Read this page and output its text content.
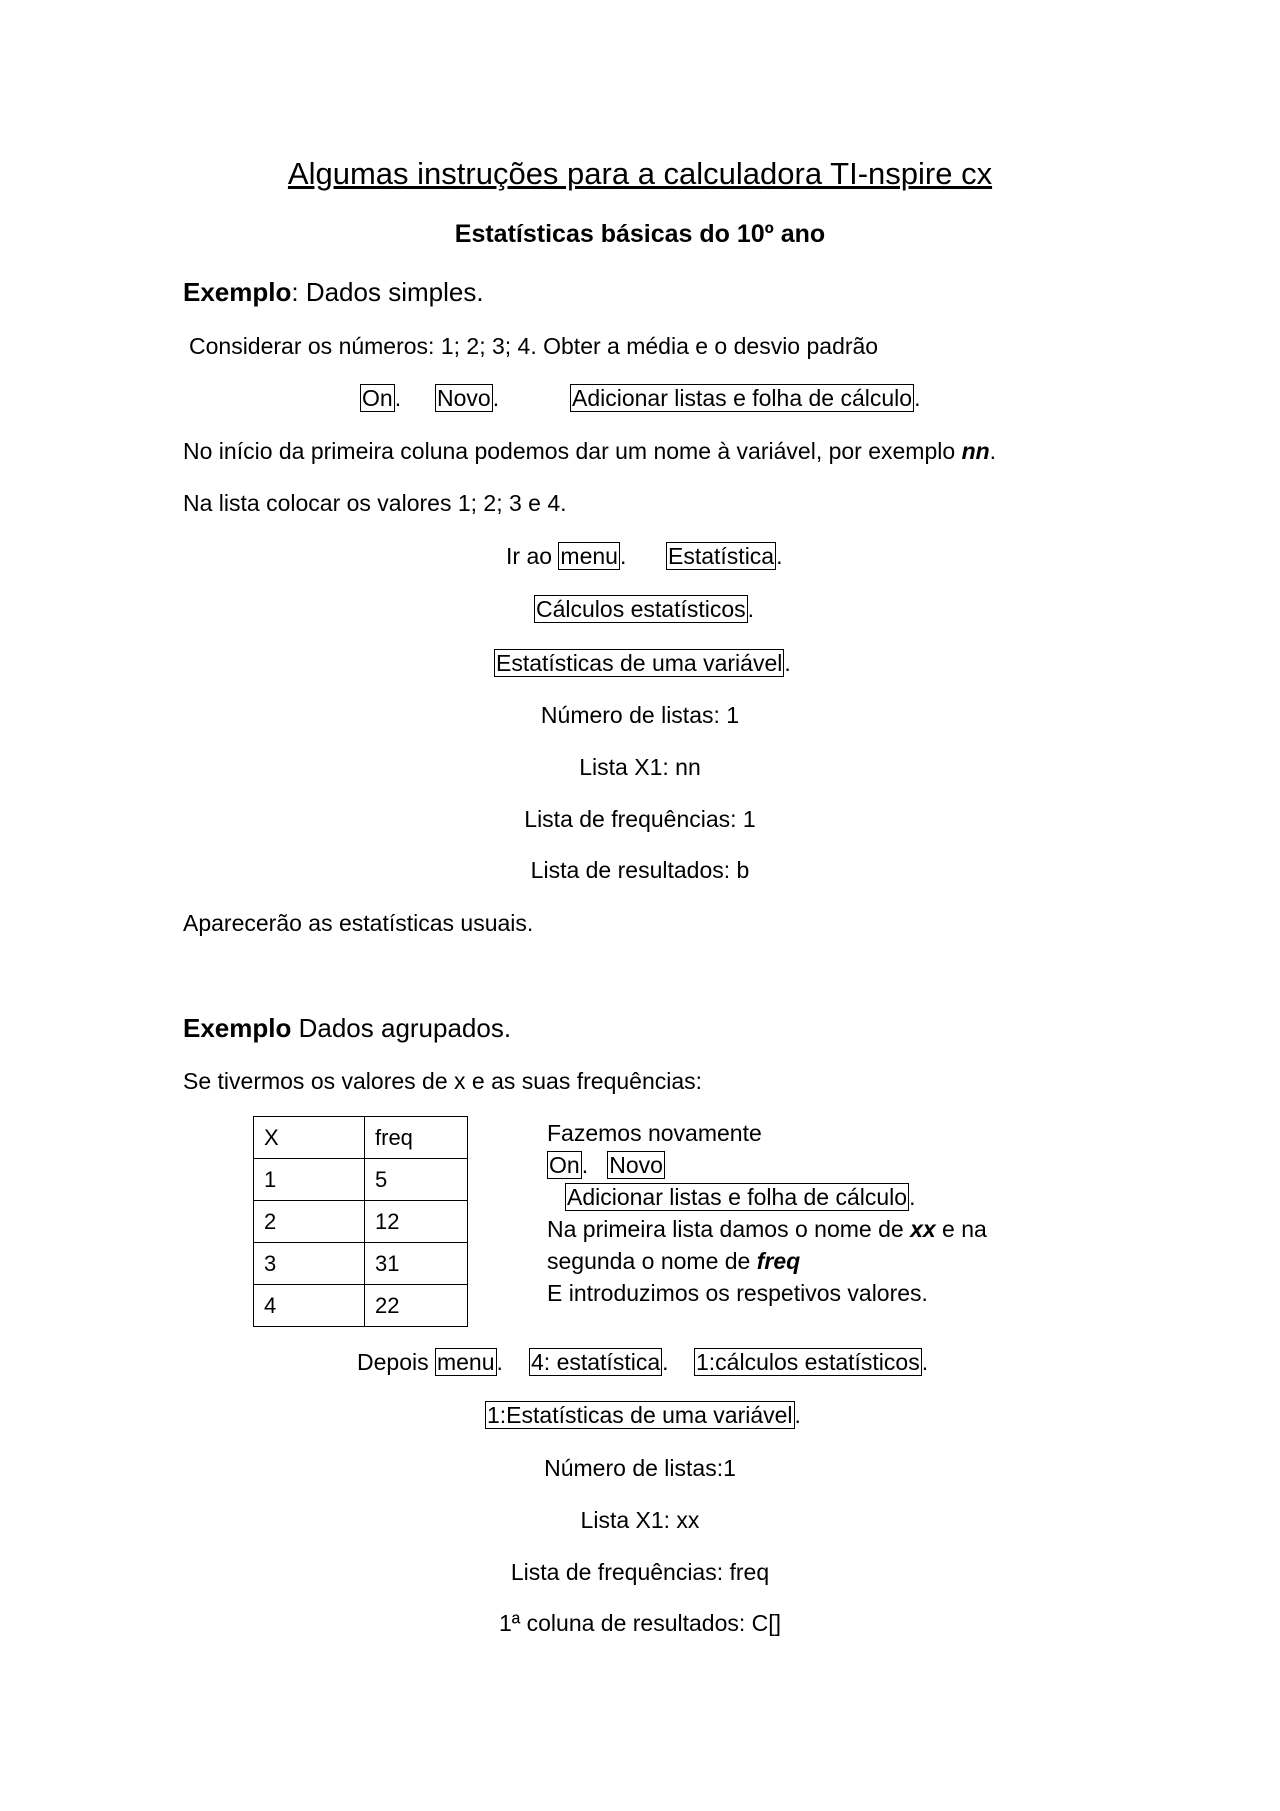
Algumas instruções para a calculadora TI-nspire cx
Estatísticas básicas do 10º ano
Exemplo: Dados simples.
Considerar os números: 1; 2; 3; 4. Obter a média e o desvio padrão
On. Novo.	Adicionar listas e folha de cálculo.
No início da primeira coluna podemos dar um nome à variável, por exemplo nn.
Na lista colocar os valores 1; 2; 3 e 4.
Ir ao menu. Estatística.
Cálculos estatísticos.
Estatísticas de uma variável.
Número de listas: 1
Lista X1: nn
Lista de frequências: 1
Lista de resultados: b
Aparecerão as estatísticas usuais.
Exemplo Dados agrupados.
Se tivermos os valores de x e as suas frequências:
X	freq
1	5
2	12
3	31
4	22
Fazemos novamente
On.   Novo
Adicionar listas e folha de cálculo.
Na primeira lista damos o nome de xx e na
segunda o nome de freq
E introduzimos os respetivos valores.
Depois menu. 4: estatística. 1:cálculos estatísticos.
1:Estatísticas de uma variável.
Número de listas:1
Lista X1: xx
Lista de frequências: freq
1ª coluna de resultados: C[]
